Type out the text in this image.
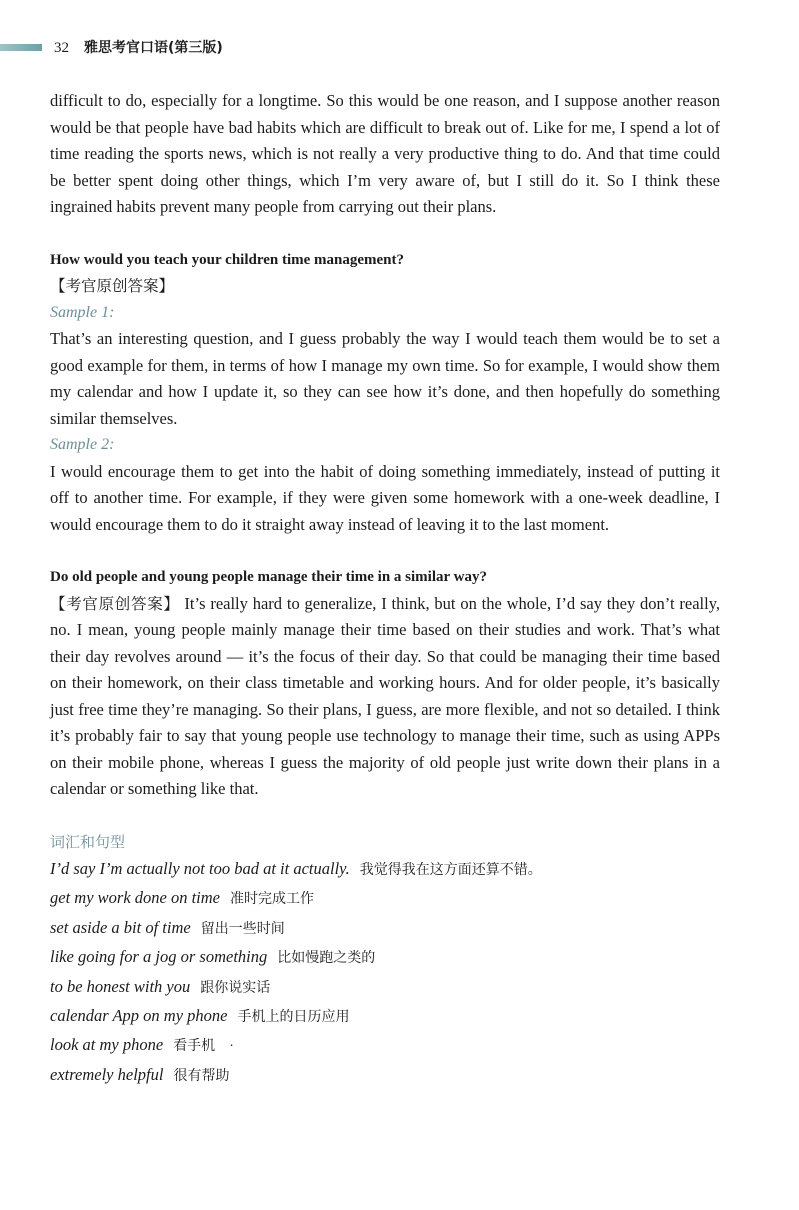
32 雅思考官口语(第三版)

difficult to do, especially for a longtime. So this would be one reason, and I suppose another reason would be that people have bad habits which are difficult to break out of. Like for me, I spend a lot of time reading the sports news, which is not really a very productive thing to do. And that time could be better spent doing other things, which I’m very aware of, but I still do it. So I think these ingrained habits prevent many people from carrying out their plans.

How would you teach your children time management?

【考官原创答案】

Sample 1:

That’s an interesting question, and I guess probably the way I would teach them would be to set a good example for them, in terms of how I manage my own time. So for example, I would show them my calendar and how I update it, so they can see how it’s done, and then hopefully do something similar themselves.

Sample 2:

I would encourage them to get into the habit of doing something immediately, instead of putting it off to another time. For example, if they were given some homework with a one-week deadline, I would encourage them to do it straight away instead of leaving it to the last moment.

Do old people and young people manage their time in a similar way?

【考官原创答案】 It’s really hard to generalize, I think, but on the whole, I’d say they don’t really, no. I mean, young people mainly manage their time based on their studies and work. That’s what their day revolves around — it’s the focus of their day. So that could be managing their time based on their homework, on their class timetable and working hours. And for older people, it’s basically just free time they’re managing. So their plans, I guess, are more flexible, and not so detailed. I think it’s probably fair to say that young people use technology to manage their time, such as using APPs on their mobile phone, whereas I guess the majority of old people just write down their plans in a calendar or something like that.

词汇和句型

I’d say I’m actually not too bad at it actually. 我觉得我在这方面还算不错。
get my work done on time 准时完成工作
set aside a bit of time 留出一些时间
like going for a jog or something 比如慢跑之类的
to be honest with you 跟你说实话
calendar App on my phone 手机上的日历应用
look at my phone 看手机 ·
extremely helpful 很有帮助
